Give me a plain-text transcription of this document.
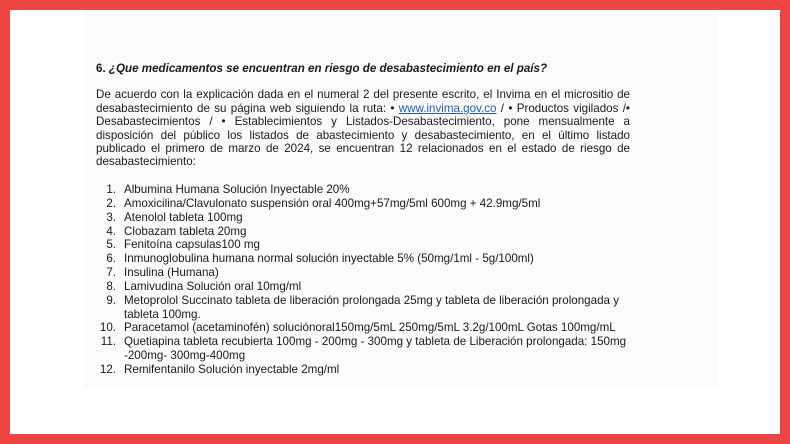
6. ¿Que medicamentos se encuentran en riesgo de desabastecimiento en el país?

De acuerdo con la explicación dada en el numeral 2 del presente escrito, el Invima en el micrositio de desabastecimiento de su página web siguiendo la ruta: • www.invima.gov.co / • Productos vigilados /• Desabastecimientos / • Establecimientos y Listados-Desabastecimiento, pone mensualmente a disposición del público los listados de abastecimiento y desabastecimiento, en el último listado publicado el primero de marzo de 2024, se encuentran 12 relacionados en el estado de riesgo de desabastecimiento:

1. Albumina Humana Solución Inyectable 20%
2. Amoxicilina/Clavulonato suspensión oral 400mg+57mg/5ml 600mg + 42.9mg/5ml
3. Atenolol tableta 100mg
4. Clobazam tableta 20mg
5. Fenitoína capsulas100 mg
6. Inmunoglobulina humana normal solución inyectable 5% (50mg/1ml - 5g/100ml)
7. Insulina (Humana)
8. Lamivudina Solución oral 10mg/ml
9. Metoprolol Succinato tableta de liberación prolongada 25mg y tableta de liberación prolongada y tableta 100mg.
10. Paracetamol (acetaminofén) soluciónoral150mg/5mL 250mg/5mL 3.2g/100mL Gotas 100mg/mL
11. Quetiapina tableta recubierta 100mg - 200mg - 300mg y tableta de Liberación prolongada: 150mg -200mg- 300mg-400mg
12. Remifentanilo Solución inyectable 2mg/ml
